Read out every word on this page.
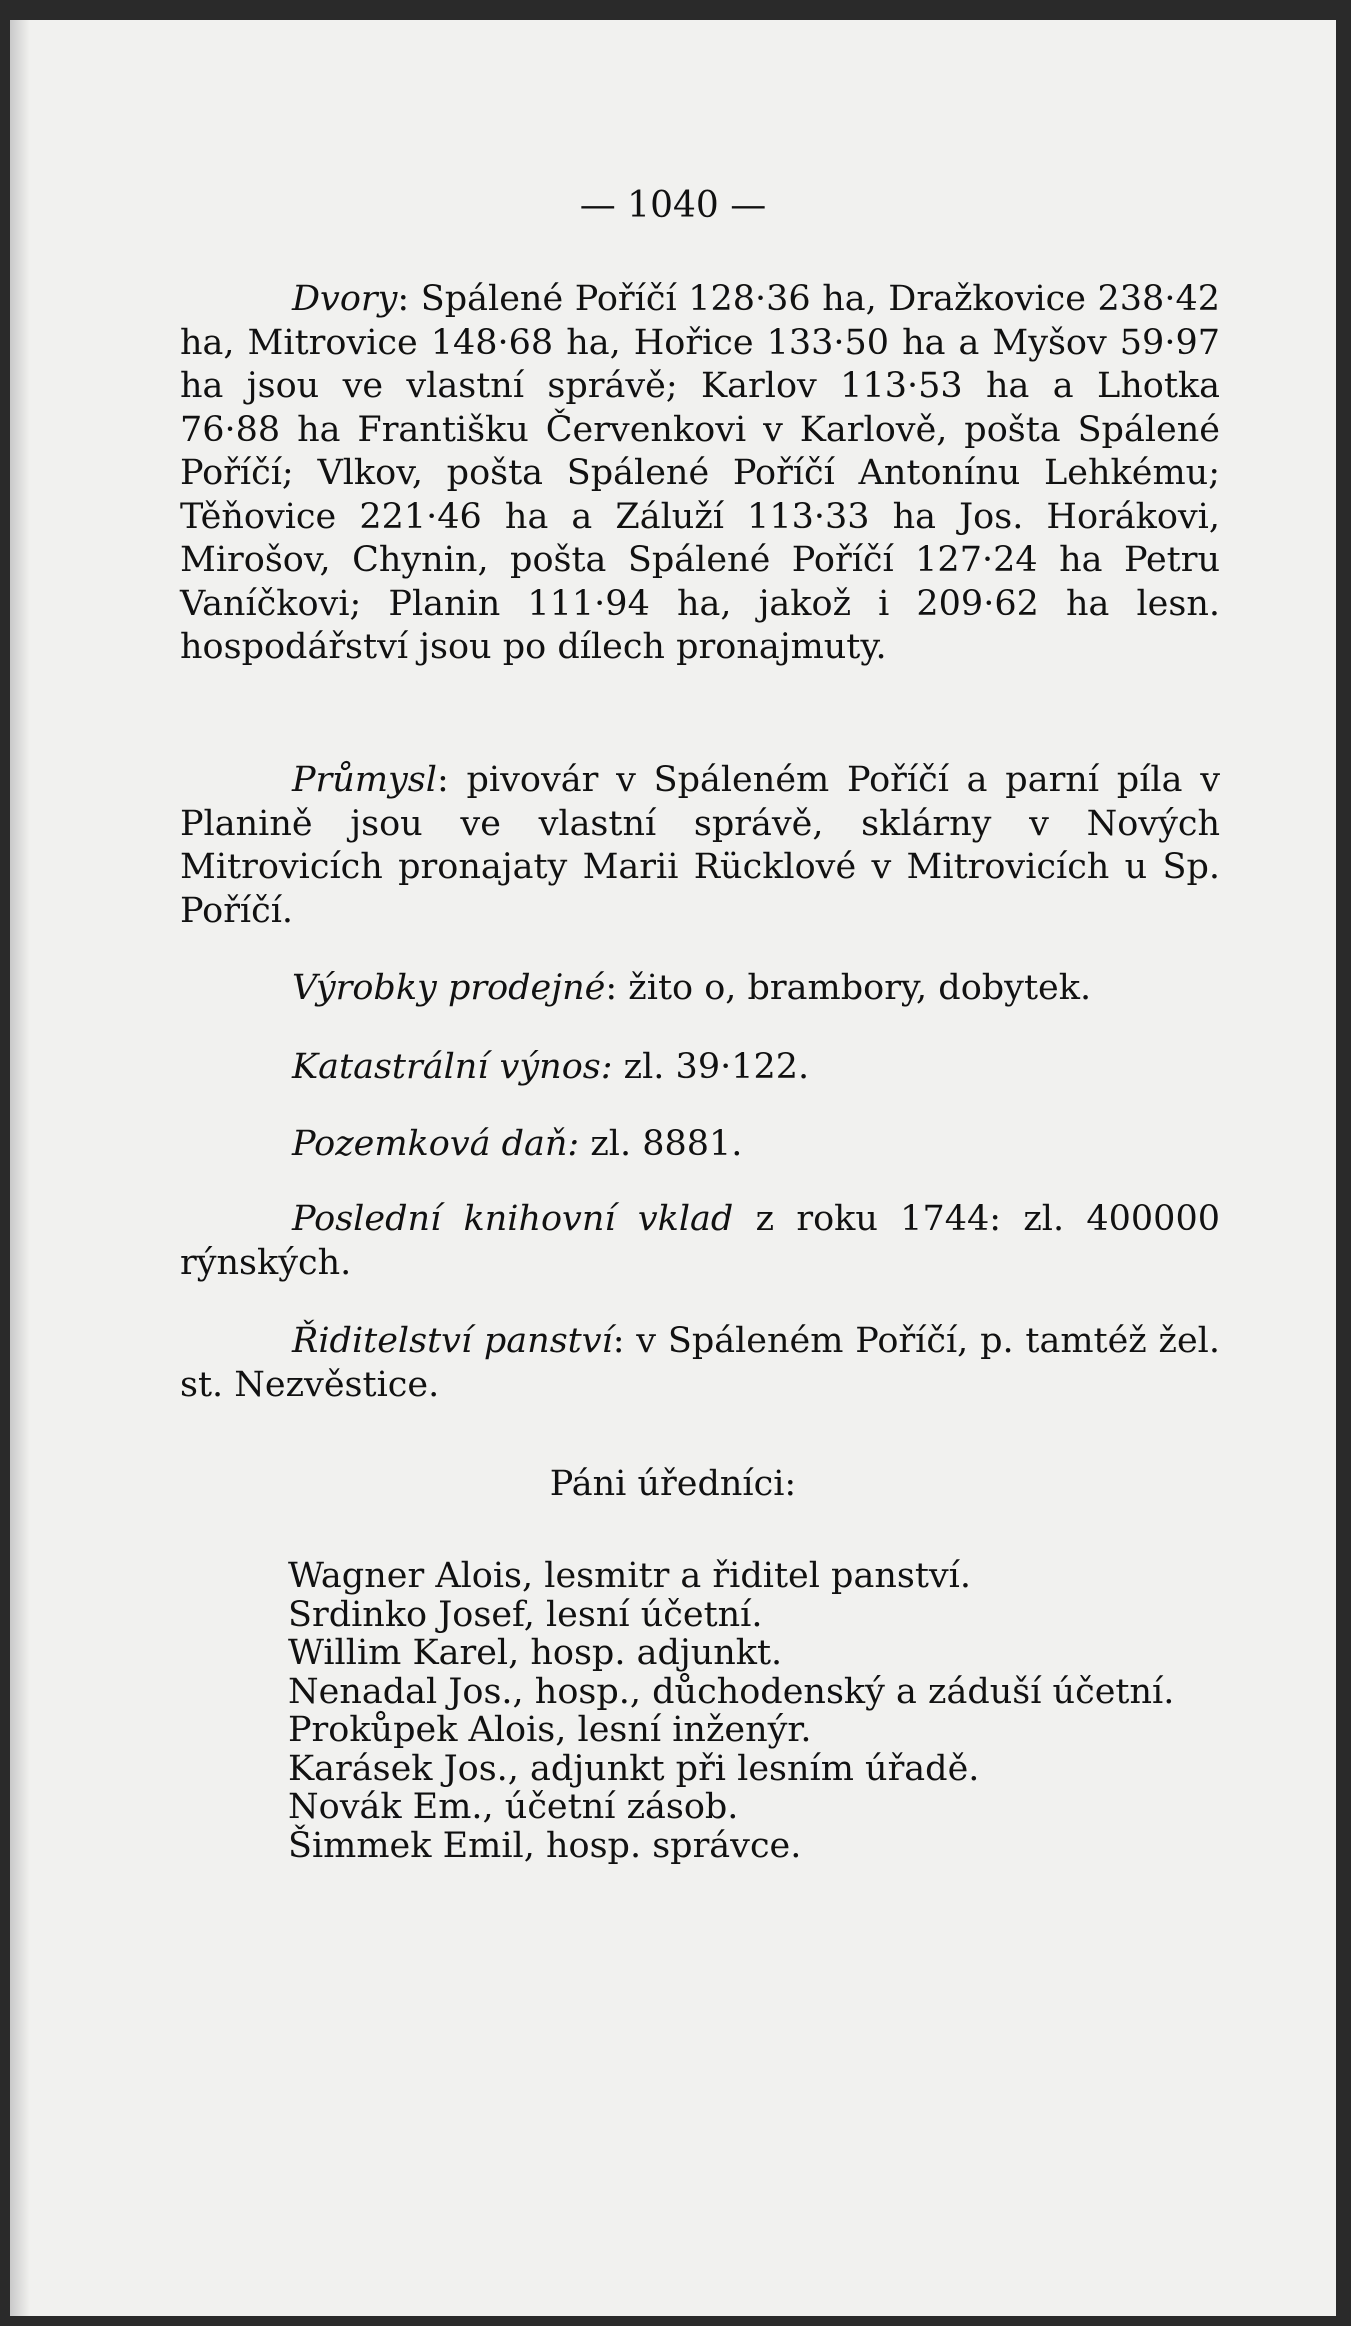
— 1040 —

Dvory: Spálené Poříčí 128·36 ha, Dražkovice 238·42 ha, Mitrovice 148·68 ha, Hořice 133·50 ha a Myšov 59·97 ha jsou ve vlastní správě; Karlov 113·53 ha a Lhotka 76·88 ha Františku Červenkovi v Karlově, pošta Spálené Poříčí; Vlkov, pošta Spálené Poříčí Antonínu Lehkému; Těňovice 221·46 ha a Záluží 113·33 ha Jos. Horákovi, Mirošov, Chynin, pošta Spálené Poříčí 127·24 ha Petru Vaníčkovi; Planin 111·94 ha, jakož i 209·62 ha lesn. hospodářství jsou po dílech pronajmuty.

Průmysl: pivovár v Spáleném Poříčí a parní píla v Planině jsou ve vlastní správě, sklárny v Nových Mitrovicích pronajaty Marii Rücklové v Mitrovicích u Sp. Poříčí.

Výrobky prodejné: žito o, brambory, dobytek.

Katastrální výnos: zl. 39·122.

Pozemková daň: zl. 8881.

Poslední knihovní vklad z roku 1744: zl. 400000 rýnských.

Řiditelství panství: v Spáleném Poříčí, p. tamtéž žel. st. Nezvěstice.

Páni úředníci:
Wagner Alois, lesmitr a řiditel panství.
Srdinko Josef, lesní účetní.
Willim Karel, hosp. adjunkt.
Nenadal Jos., hosp., důchodenský a záduší účetní.
Prokůpek Alois, lesní inženýr.
Karásek Jos., adjunkt při lesním úřadě.
Novák Em., účetní zásob.
Šimmek Emil, hosp. správce.
